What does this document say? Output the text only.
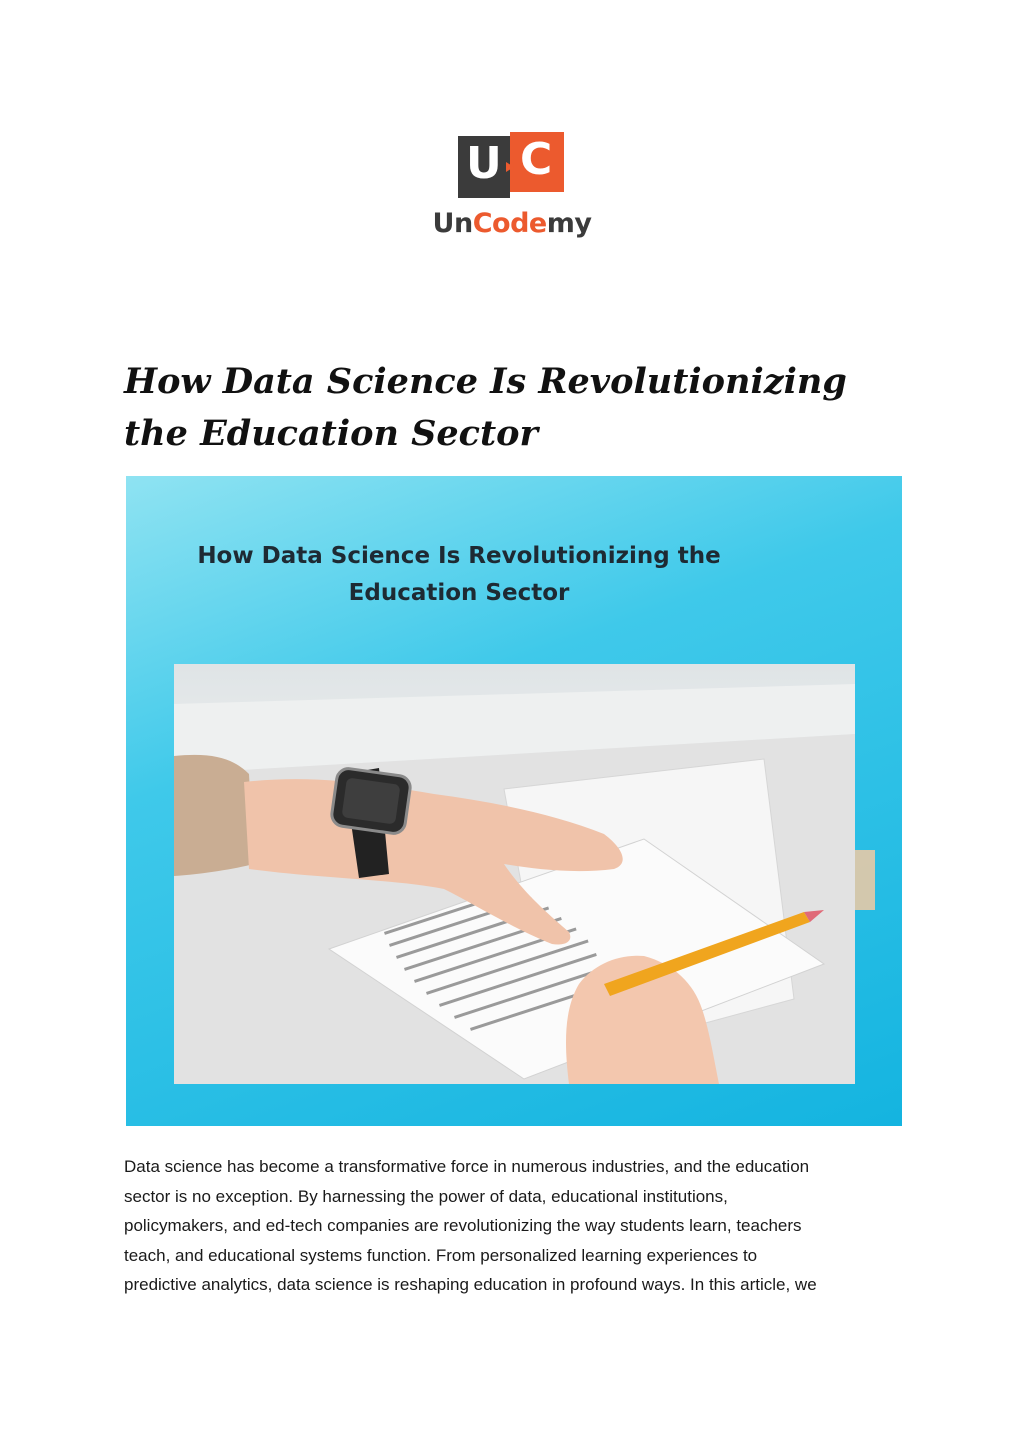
U C
UnCodemy
How Data Science Is Revolutionizing
the Education Sector
How Data Science Is Revolutionizing the
Education Sector

Data science has become a transformative force in numerous industries, and the education
sector is no exception. By harnessing the power of data, educational institutions,
policymakers, and ed-tech companies are revolutionizing the way students learn, teachers
teach, and educational systems function. From personalized learning experiences to
predictive analytics, data science is reshaping education in profound ways. In this article, we
